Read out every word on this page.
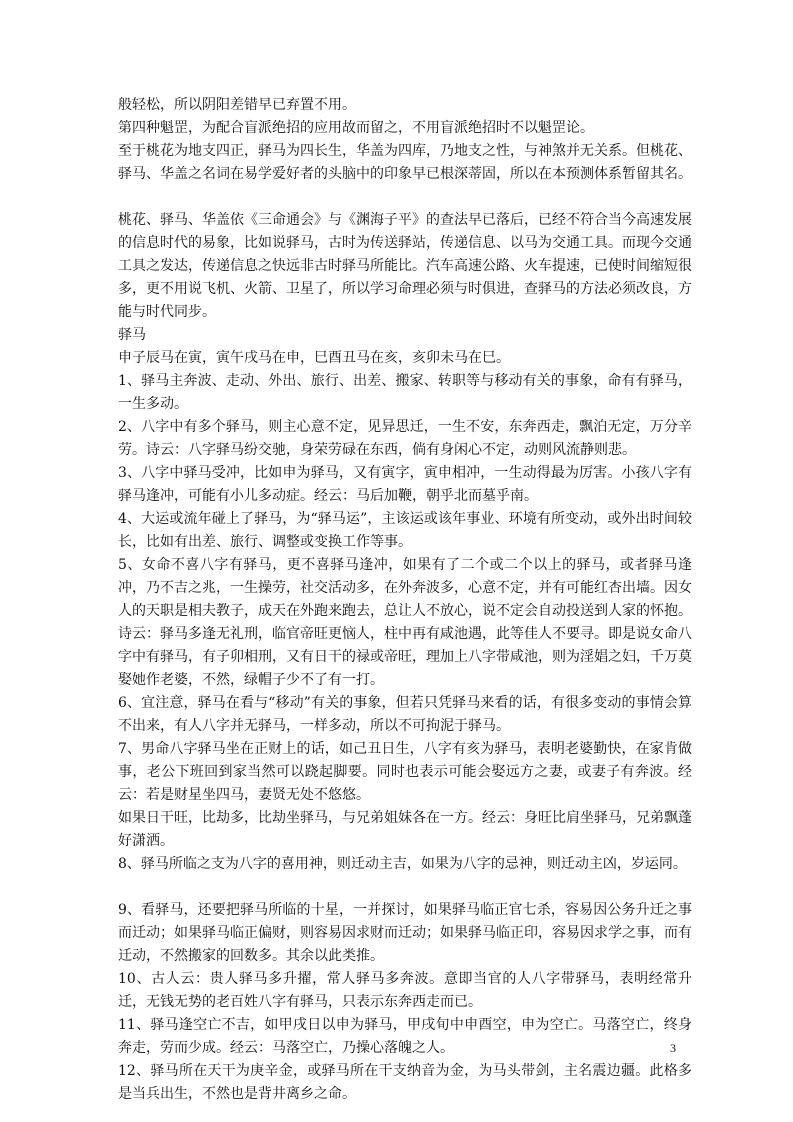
般轻松，所以阴阳差错早已弃置不用。

第四种魁罡，为配合盲派绝招的应用故而留之，不用盲派绝招时不以魁罡论。

至于桃花为地支四正，驿马为四长生，华盖为四库，乃地支之性，与神煞并无关系。但桃花、驿马、华盖之名词在易学爱好者的头脑中的印象早已根深蒂固，所以在本预测体系暂留其名。

桃花、驿马、华盖依《三命通会》与《渊海子平》的查法早已落后，已经不符合当今高速发展的信息时代的易象，比如说驿马，古时为传送驿站，传递信息、以马为交通工具。而现今交通工具之发达，传递信息之快远非古时驿马所能比。汽车高速公路、火车提速，已使时间缩短很多，更不用说飞机、火箭、卫星了，所以学习命理必须与时俱进，查驿马的方法必须改良，方能与时代同步。

驿马

申子辰马在寅，寅午戌马在申，巳酉丑马在亥，亥卯未马在巳。

1、驿马主奔波、走动、外出、旅行、出差、搬家、转职等与移动有关的事象，命有有驿马，一生多动。

2、八字中有多个驿马，则主心意不定，见异思迁，一生不安，东奔西走，飘泊无定，万分辛劳。诗云：八字驿马纷交驰，身荣劳碌在东西，倘有身闲心不定，动则风流静则悲。

3、八字中驿马受冲，比如申为驿马，又有寅字，寅申相冲，一生动得最为厉害。小孩八字有驿马逢冲，可能有小儿多动症。经云：马后加鞭，朝乎北而墓乎南。

4、大运或流年碰上了驿马，为“驿马运”，主该运或该年事业、环境有所变动，或外出时间较长，比如有出差、旅行、调整或变换工作等事。

5、女命不喜八字有驿马，更不喜驿马逢冲，如果有了二个或二个以上的驿马，或者驿马逢冲，乃不吉之兆，一生操劳，社交活动多，在外奔波多，心意不定，并有可能红杏出墙。因女人的天职是相夫教子，成天在外跑来跑去，总让人不放心，说不定会自动投送到人家的怀抱。诗云：驿马多逢无礼刑，临官帝旺更恼人，柱中再有咸池遇，此等佳人不要寻。即是说女命八字中有驿马，有子卯相刑，又有日干的禄或帝旺，理加上八字带咸池，则为淫娼之妇，千万莫娶她作老婆，不然，绿帽子少不了有一打。

6、宜注意，驿马在看与“移动”有关的事象，但若只凭驿马来看的话，有很多变动的事情会算不出来，有人八字并无驿马，一样多动，所以不可拘泥于驿马。

7、男命八字驿马坐在正财上的话，如己丑日生，八字有亥为驿马，表明老婆勤快，在家肯做事，老公下班回到家当然可以跷起脚要。同时也表示可能会娶远方之妻，或妻子有奔波。经云：若是财星坐四马，妻贤无处不悠悠。

如果日干旺，比劫多，比劫坐驿马，与兄弟姐妹各在一方。经云：身旺比肩坐驿马，兄弟飘蓬好潇洒。

8、驿马所临之支为八字的喜用神，则迁动主吉，如果为八字的忌神，则迁动主凶，岁运同。

9、看驿马，还要把驿马所临的十星，一并探讨，如果驿马临正官七杀，容易因公务升迁之事而迁动；如果驿马临正偏财，则容易因求财而迁动；如果驿马临正印，容易因求学之事，而有迁动，不然搬家的回数多。其余以此类推。

10、古人云：贵人驿马多升擢，常人驿马多奔波。意即当官的人八字带驿马，表明经常升迁，无钱无势的老百姓八字有驿马，只表示东奔西走而已。

11、驿马逢空亡不吉，如甲戌日以申为驿马，甲戌旬中申酉空，申为空亡。马落空亡，终身奔走，劳而少成。经云：马落空亡，乃操心落魄之人。

12、驿马所在天干为庚辛金，或驿马所在干支纳音为金，为马头带剑，主名震边疆。此格多是当兵出生，不然也是背井离乡之命。

3
